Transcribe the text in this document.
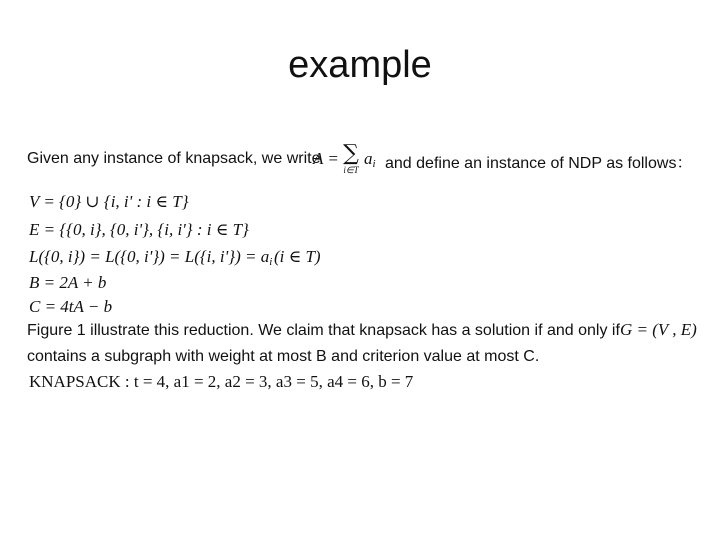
example
Given any instance of knapsack, we write
A = ∑
i∈T
$a_i$ and define an instance of NDP as follows：
V = {0} ∪ {i, i' : i ∈ T}
E = {{0, i}, {0, i'}, {i, i'} : i ∈ T}
L({0, i}) = L({0, i'}) = L({i, $i'\}) = a_i$ (i ∈ T)
B = 2A + b
C = 4tA − b
Figure 1 illustrate this reduction. We claim that knapsack has a solution if and only if G = (V , E)
contains a subgraph with weight at most B and criterion value at most C.
KNAPSACK : t = 4, a1 = 2, a2 = 3, a3 = 5, a4 = 6, b = 7
